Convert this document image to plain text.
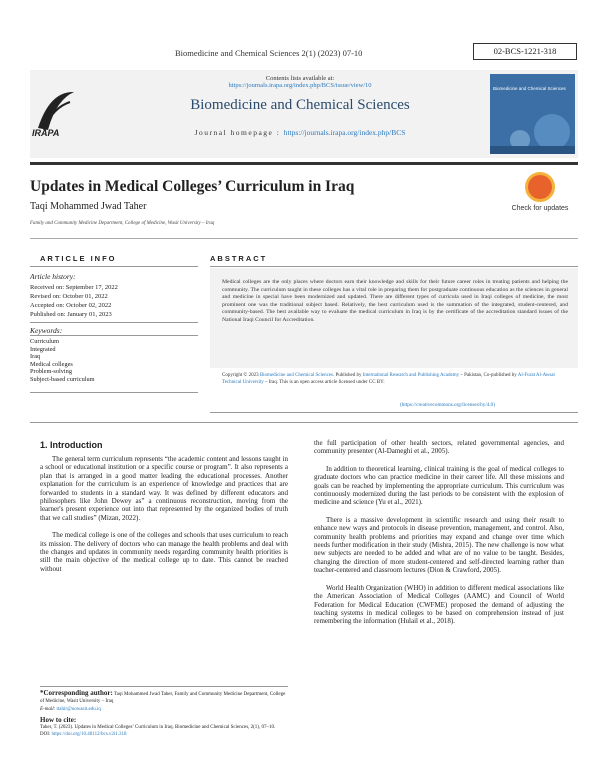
Biomedicine and Chemical Sciences 2(1) (2023) 07-10	02-BCS-1221-318
IRAPA
Contents lists available at:
https://journals.irapa.org/index.php/BCS/issue/view/10
Biomedicine and Chemical Sciences
Journal homepage : https://journals.irapa.org/index.php/BCS
Biomedicine and Chemical Sciences
Updates in Medical Colleges’ Curriculum in Iraq
Taqi Mohammed Jwad Taher
Family and Community Medicine Department, College of Medicine, Wasit University – Iraq
Check for updates
ARTICLE INFO	ABSTRACT
Article history:
Received on: September 17, 2022
Revised on: October 01, 2022
Accepted on: October 02, 2022
Published on: January 01, 2023
Keywords:
Curriculum
Integrated
Iraq
Medical colleges
Problem-solving
Subject-based curriculum
Medical colleges are the only places where doctors earn their knowledge and skills for their future career roles in treating patients and helping the community. The curriculum taught in these colleges has a vital role in preparing them for postgraduate continuous education as the sciences in general and medicine in special have been modernized and updated. There are different types of curricula used in Iraqi colleges of medicine, the most prominent one was the traditional subject based. Relatively, the best curriculum used is the summation of the integrated, student-centered, and community-based. The best available way to evaluate the medical curriculum in Iraq is by the certificate of the accreditation standard issues of the National Iraqi Council for Accreditation.
Copyright © 2023 Biomedicine and Chemical Sciences. Published by International Research and Publishing Academy – Pakistan, Co-published by Al-Furat Al-Awsat Technical University – Iraq. This is an open access article licensed under CC BY:
(https://creativecommons.org/licenses/by/4.0)
1. Introduction

The general term curriculum represents “the academic content and lessons taught in a school or educational institution or a specific course or program”. It also represents a plan that is arranged in a good matter leading the educational processes. Another explanation for the curriculum is an experience of knowledge and practices that are forwarded to students in a standard way. It was defined by different educators and philosophers like John Dewey as” a continuous reconstruction, moving from the learner's present experience out into that represented by the organized bodies of truth that we call studies” (Mizan, 2022).

The medical college is one of the colleges and schools that uses curriculum to reach its mission. The delivery of doctors who can manage the health problems and deal with the changes and updates in community needs regarding community health priorities is still the main objective of the medical college up to date. This cannot be reached without

the full participation of other health sectors, related governmental agencies, and community presenter (Al-Dameghi et al., 2005).

In addition to theoretical learning, clinical training is the goal of medical colleges to graduate doctors who can practice medicine in their career life. All these missions and goals can be reached by implementing the appropriate curriculum. This curriculum was continuously modernized during the last periods to be consistent with the explosion of medicine and science (Yu et al., 2021).

There is a massive development in scientific research and using their result to enhance new ways and protocols in disease prevention, management, and control. Also, community health problems and priorities may expand and change over time which needs further modification in their study (Mishra, 2015). The new challenge is now what new subjects are needed to be added and what are of no value to be taught. Besides, changing the direction of more student-centered and self-directed learning rather than teacher-centered and classroom lectures (Dion & Crawford, 2005).

World Health Organization (WHO) in addition to different medical associations like the American Association of Medical Colleges (AAMC) and Council of World Federation for Medical Education (CWFME) proposed the demand of adjusting the teaching systems in medical colleges to be based on comprehension instead of just remembering the information (Hulail et al., 2018).

*Corresponding author: Taqi Mohammed Jwad Taher, Family and Community Medicine Department, College of Medicine, Wasit University – Iraq
E-mail: ttahir@uowasit.edu.iq
How to cite:
Taher, T. (2023). Updates in Medical Colleges’ Curriculum in Iraq. Biomedicine and Chemical Sciences, 2(1), 07–10.
DOI: https://doi.org/10.48112/bcs.v2i1.318
